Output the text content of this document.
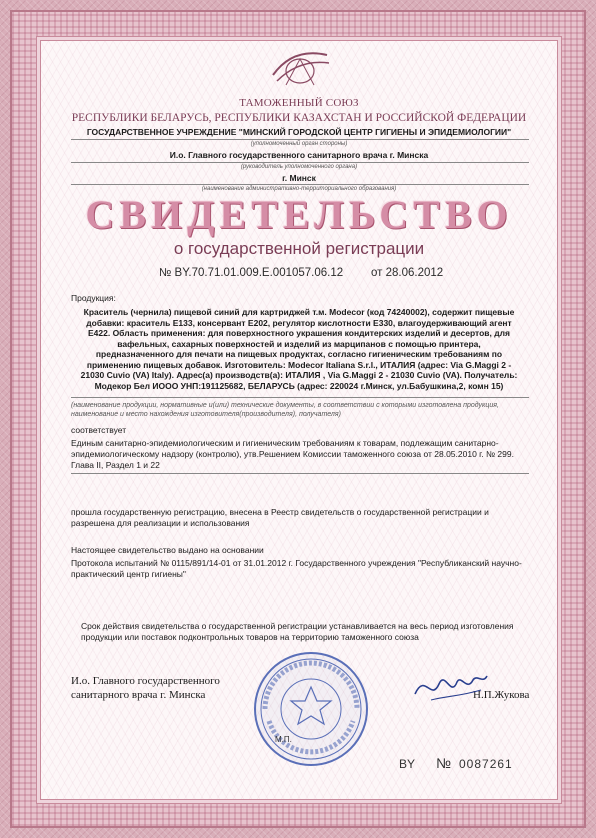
ТАМОЖЕННЫЙ СОЮЗ
РЕСПУБЛИКИ БЕЛАРУСЬ, РЕСПУБЛИКИ КАЗАХСТАН И РОССИЙСКОЙ ФЕДЕРАЦИИ
ГОСУДАРСТВЕННОЕ УЧРЕЖДЕНИЕ "МИНСКИЙ ГОРОДСКОЙ ЦЕНТР ГИГИЕНЫ И ЭПИДЕМИОЛОГИИ"
(уполномоченный орган стороны)
И.о. Главного государственного санитарного врача г. Минска
(руководитель уполномоченного органа)
г. Минск
(наименование административно-территориального образования)
СВИДЕТЕЛЬСТВО
о государственной регистрации
№ BY.70.71.01.009.Е.001057.06.12 от 28.06.2012
Продукция:
Краситель (чернила) пищевой синий для картриджей т.м. Modecor (код 74240002), содержит пищевые добавки: краситель Е133, консервант Е202, регулятор кислотности Е330, влагоудерживающий агент Е422. Область применения: для поверхностного украшения кондитерских изделий и десертов, для вафельных, сахарных поверхностей и изделий из марципанов с помощью принтера, предназначенного для печати на пищевых продуктах, согласно гигиеническим требованиям по применению пищевых добавок. Изготовитель: Modecor Italiana S.r.l., ИТАЛИЯ (адрес: Via G.Maggi 2 - 21030 Cuvio (VA) Italy). Адрес(а) производств(а): ИТАЛИЯ , Via G.Maggi 2 - 21030 Cuvio (VA). Получатель: Модекор Бел ИООО УНП:191125682, БЕЛАРУСЬ (адрес: 220024 г.Минск, ул.Бабушкина,2, комн 15)
(наименование продукции, нормативные и(или) технические документы, в соответствии с которыми изготовлена продукция, наименование и место нахождения изготовителя(производителя), получателя)
соответствует
Единым санитарно-эпидемиологическим и гигиеническим требованиям к товарам, подлежащим санитарно-эпидемиологическому надзору (контролю), утв.Решением Комиссии таможенного союза от 28.05.2010 г. № 299. Глава II, Раздел 1 и 22
прошла государственную регистрацию, внесена в Реестр свидетельств о государственной регистрации и разрешена для реализации и использования
Настоящее свидетельство выдано на основании
Протокола испытаний № 0115/891/14-01 от 31.01.2012 г. Государственного учреждения "Республиканский научно-практический центр гигиены"
Срок действия свидетельства о государственной регистрации устанавливается на весь период изготовления продукции или поставок подконтрольных товаров на территорию таможенного союза
И.о. Главного государственного
санитарного врача г. Минска	Н.П.Жукова
М.П.
BY № 0087261
